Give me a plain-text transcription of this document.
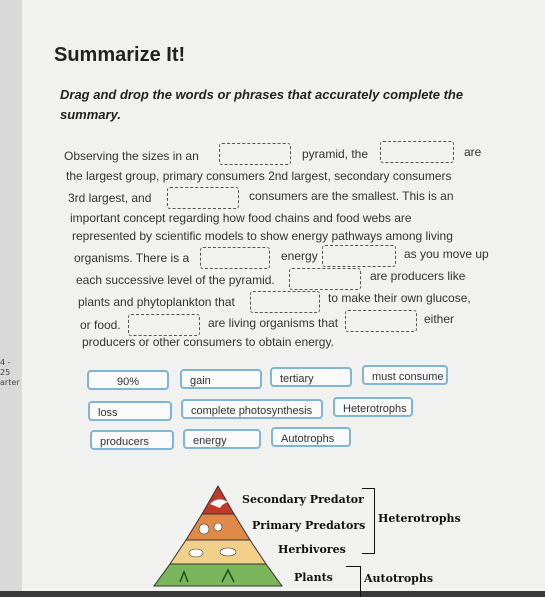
4 -
25
arter
Summarize It!
Drag and drop the words or phrases that accurately complete the summary.
Observing the sizes in an	pyramid, the	are
the largest group, primary consumers 2nd largest, secondary consumers
3rd largest, and	consumers are the smallest. This is an
important concept regarding how food chains and food webs are
represented by scientific models to show energy pathways among living
organisms. There is a	energy	as you move up
each successive level of the pyramid.	are producers like
plants and phytoplankton that	to make their own glucose,
or food.	are living organisms that	either
producers or other consumers to obtain energy.
90%	gain	tertiary	must consume
loss	complete photosynthesis	Heterotrophs
producers	energy	Autotrophs
Secondary Predator
Primary Predators
Herbivores
Plants
Heterotrophs
Autotrophs
